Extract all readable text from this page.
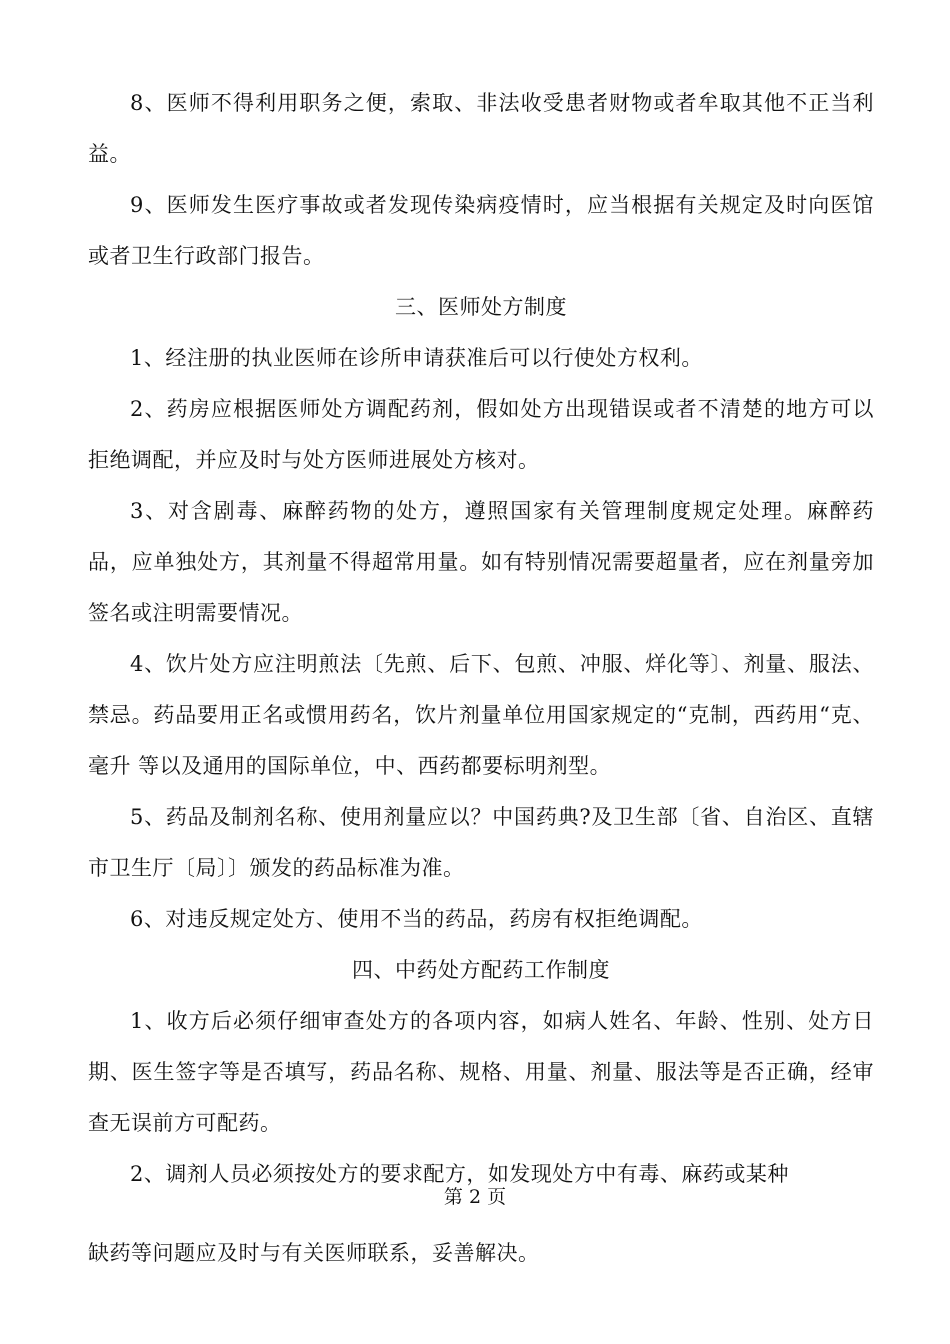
8、医师不得利用职务之便，索取、非法收受患者财物或者牟取其他不正当利益。

9、医师发生医疗事故或者发现传染病疫情时，应当根据有关规定及时向医馆或者卫生行政部门报告。

三、医师处方制度

1、经注册的执业医师在诊所申请获准后可以行使处方权利。

2、药房应根据医师处方调配药剂，假如处方出现错误或者不清楚的地方可以拒绝调配，并应及时与处方医师进展处方核对。

3、对含剧毒、麻醉药物的处方，遵照国家有关管理制度规定处理。麻醉药品，应单独处方，其剂量不得超常用量。如有特别情况需要超量者，应在剂量旁加签名或注明需要情况。

4、饮片处方应注明煎法〔先煎、后下、包煎、冲服、烊化等〕、剂量、服法、禁忌。药品要用正名或惯用药名，饮片剂量单位用国家规定的“克制，西药用“克、毫升 等以及通用的国际单位，中、西药都要标明剂型。

5、药品及制剂名称、使用剂量应以？中国药典?及卫生部〔省、自治区、直辖市卫生厅〔局〕〕颁发的药品标准为准。

6、对违反规定处方、使用不当的药品，药房有权拒绝调配。

四、中药处方配药工作制度

1、收方后必须仔细审查处方的各项内容，如病人姓名、年龄、性别、处方日期、医生签字等是否填写，药品名称、规格、用量、剂量、服法等是否正确，经审查无误前方可配药。

2、调剂人员必须按处方的要求配方，如发现处方中有毒、麻药或某种

第 2 页
缺药等问题应及时与有关医师联系，妥善解决。
